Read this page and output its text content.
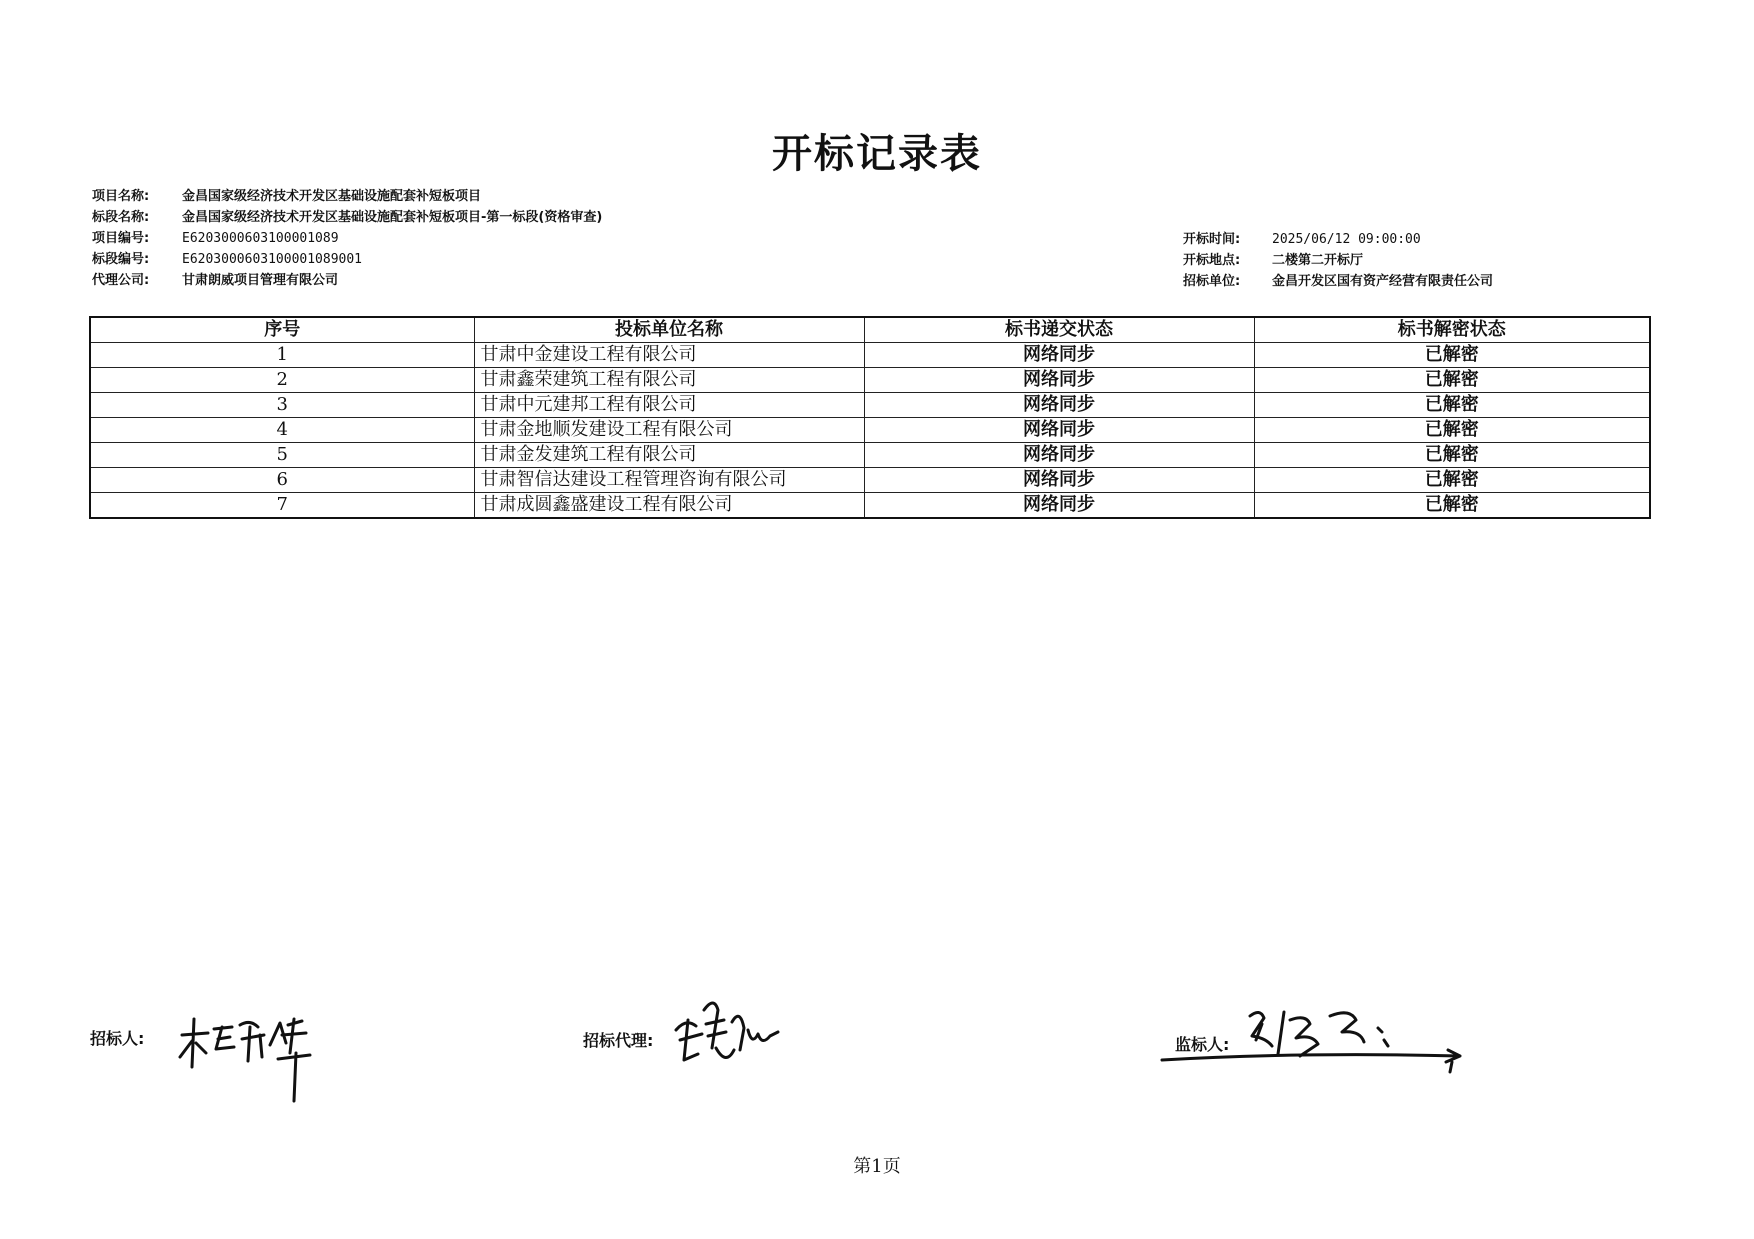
开标记录表
项目名称:	金昌国家级经济技术开发区基础设施配套补短板项目
标段名称:	金昌国家级经济技术开发区基础设施配套补短板项目-第一标段(资格审查)
项目编号:	E6203000603100001089
标段编号:	E6203000603100001089001
代理公司:	甘肃朗威项目管理有限公司
开标时间:	2025/06/12 09:00:00
开标地点:	二楼第二开标厅
招标单位:	金昌开发区国有资产经营有限责任公司
序号	投标单位名称	标书递交状态	标书解密状态
1	甘肃中金建设工程有限公司	网络同步	已解密
2	甘肃鑫荣建筑工程有限公司	网络同步	已解密
3	甘肃中元建邦工程有限公司	网络同步	已解密
4	甘肃金地顺发建设工程有限公司	网络同步	已解密
5	甘肃金发建筑工程有限公司	网络同步	已解密
6	甘肃智信达建设工程管理咨询有限公司	网络同步	已解密
7	甘肃成圆鑫盛建设工程有限公司	网络同步	已解密
招标人:	招标代理:	监标人:
第1页
